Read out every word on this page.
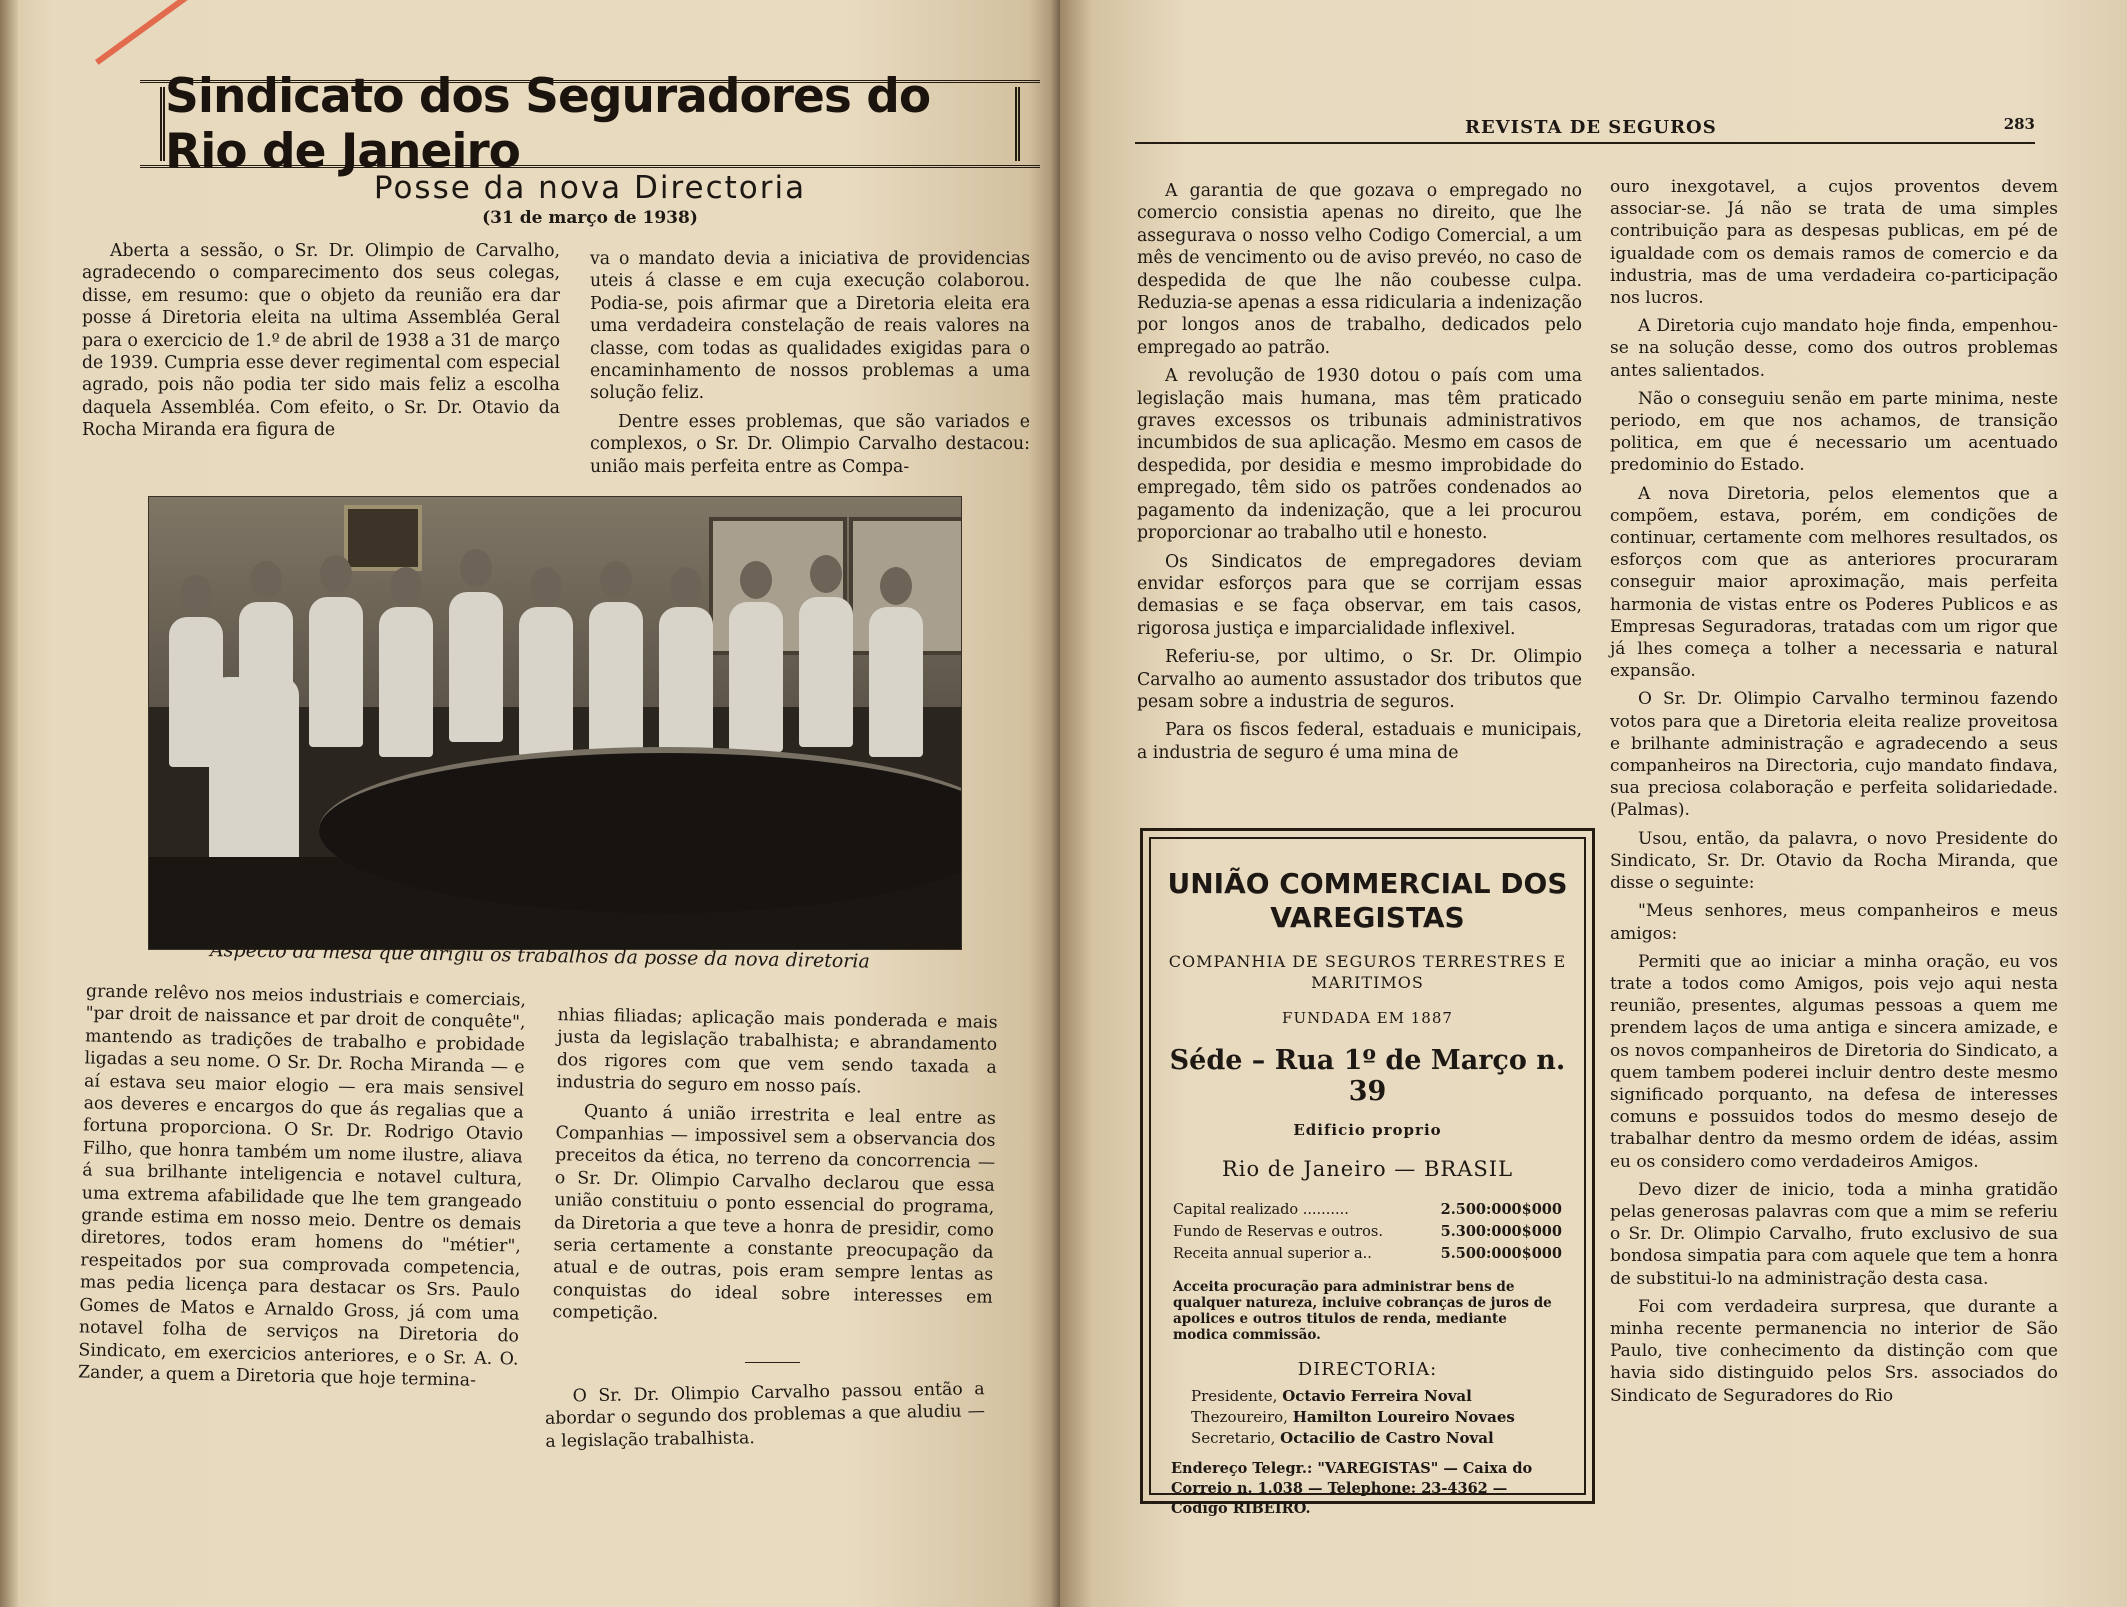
Sindicato dos Seguradores do Rio de Janeiro
Posse da nova Directoria
(31 de março de 1938)

Aberta a sessão, o Sr. Dr. Olimpio de Carvalho, agradecendo o comparecimento dos seus colegas, disse, em resumo: que o objeto da reunião era dar posse á Diretoria eleita na ultima Assembléa Geral para o exercicio de 1.º de abril de 1938 a 31 de março de 1939. Cumpria esse dever regimental com especial agrado, pois não podia ter sido mais feliz a escolha daquela Assembléa. Com efeito, o Sr. Dr. Otavio da Rocha Miranda era figura de

va o mandato devia a iniciativa de providencias uteis á classe e em cuja execução colaborou. Podia-se, pois afirmar que a Diretoria eleita era uma verdadeira constelação de reais valores na classe, com todas as qualidades exigidas para o encaminhamento de nossos problemas a uma solução feliz.

Dentre esses problemas, que são variados e complexos, o Sr. Dr. Olimpio Carvalho destacou: união mais perfeita entre as Compa-

Aspecto da mesa que dirigiu os trabalhos da posse da nova diretoria

grande relêvo nos meios industriais e comerciais, "par droit de naissance et par droit de conquête", mantendo as tradições de trabalho e probidade ligadas a seu nome. O Sr. Dr. Rocha Miranda — e aí estava seu maior elogio — era mais sensivel aos deveres e encargos do que ás regalias que a fortuna proporciona. O Sr. Dr. Rodrigo Otavio Filho, que honra também um nome ilustre, aliava á sua brilhante inteligencia e notavel cultura, uma extrema afabilidade que lhe tem grangeado grande estima em nosso meio. Dentre os demais diretores, todos eram homens do "métier", respeitados por sua comprovada competencia, mas pedia licença para destacar os Srs. Paulo Gomes de Matos e Arnaldo Gross, já com uma notavel folha de serviços na Diretoria do Sindicato, em exercicios anteriores, e o Sr. A. O. Zander, a quem a Diretoria que hoje termina-

nhias filiadas; aplicação mais ponderada e mais justa da legislação trabalhista; e abrandamento dos rigores com que vem sendo taxada a industria do seguro em nosso país.

Quanto á união irrestrita e leal entre as Companhias — impossivel sem a observancia dos preceitos da ética, no terreno da concorrencia — o Sr. Dr. Olimpio Carvalho declarou que essa união constituiu o ponto essencial do programa, da Diretoria a que teve a honra de presidir, como seria certamente a constante preocupação da atual e de outras, pois eram sempre lentas as conquistas do ideal sobre interesses em competição.

O Sr. Dr. Olimpio Carvalho passou então a abordar o segundo dos problemas a que aludiu — a legislação trabalhista.

REVISTA DE SEGUROS	283

A garantia de que gozava o empregado no comercio consistia apenas no direito, que lhe assegurava o nosso velho Codigo Comercial, a um mês de vencimento ou de aviso prevéo, no caso de despedida de que lhe não coubesse culpa. Reduzia-se apenas a essa ridicularia a indenização por longos anos de trabalho, dedicados pelo empregado ao patrão.

A revolução de 1930 dotou o país com uma legislação mais humana, mas têm praticado graves excessos os tribunais administrativos incumbidos de sua aplicação. Mesmo em casos de despedida, por desidia e mesmo improbidade do empregado, têm sido os patrões condenados ao pagamento da indenização, que a lei procurou proporcionar ao trabalho util e honesto.

Os Sindicatos de empregadores deviam envidar esforços para que se corrijam essas demasias e se faça observar, em tais casos, rigorosa justiça e imparcialidade inflexivel.

Referiu-se, por ultimo, o Sr. Dr. Olimpio Carvalho ao aumento assustador dos tributos que pesam sobre a industria de seguros.

Para os fiscos federal, estaduais e municipais, a industria de seguro é uma mina de

ouro inexgotavel, a cujos proventos devem associar-se. Já não se trata de uma simples contribuição para as despesas publicas, em pé de igualdade com os demais ramos de comercio e da industria, mas de uma verdadeira co-participação nos lucros.

A Diretoria cujo mandato hoje finda, empenhou-se na solução desse, como dos outros problemas antes salientados.

Não o conseguiu senão em parte minima, neste periodo, em que nos achamos, de transição politica, em que é necessario um acentuado predominio do Estado.

A nova Diretoria, pelos elementos que a compõem, estava, porém, em condições de continuar, certamente com melhores resultados, os esforços com que as anteriores procuraram conseguir maior aproximação, mais perfeita harmonia de vistas entre os Poderes Publicos e as Empresas Seguradoras, tratadas com um rigor que já lhes começa a tolher a necessaria e natural expansão.

O Sr. Dr. Olimpio Carvalho terminou fazendo votos para que a Diretoria eleita realize proveitosa e brilhante administração e agradecendo a seus companheiros na Directoria, cujo mandato findava, sua preciosa colaboração e perfeita solidariedade. (Palmas).

Usou, então, da palavra, o novo Presidente do Sindicato, Sr. Dr. Otavio da Rocha Miranda, que disse o seguinte:

"Meus senhores, meus companheiros e meus amigos:

Permiti que ao iniciar a minha oração, eu vos trate a todos como Amigos, pois vejo aqui nesta reunião, presentes, algumas pessoas a quem me prendem laços de uma antiga e sincera amizade, e os novos companheiros de Diretoria do Sindicato, a quem tambem poderei incluir dentro deste mesmo significado porquanto, na defesa de interesses comuns e possuidos todos do mesmo desejo de trabalhar dentro da mesmo ordem de idéas, assim eu os considero como verdadeiros Amigos.

Devo dizer de inicio, toda a minha gratidão pelas generosas palavras com que a mim se referiu o Sr. Dr. Olimpio Carvalho, fruto exclusivo de sua bondosa simpatia para com aquele que tem a honra de substitui-lo na administração desta casa.

Foi com verdadeira surpresa, que durante a minha recente permanencia no interior de São Paulo, tive conhecimento da distinção com que havia sido distinguido pelos Srs. associados do Sindicato de Seguradores do Rio

UNIÃO COMMERCIAL DOS VAREGISTAS
COMPANHIA DE SEGUROS TERRESTRES E MARITIMOS
FUNDADA EM 1887
Séde – Rua 1º de Março n. 39
Edificio proprio
Rio de Janeiro — BRASIL
Capital realizado ..........	2.500:000$000
Fundo de Reservas e outros.	5.300:000$000
Receita annual superior a..	5.500:000$000
Acceita procuração para administrar bens de qualquer natureza, incluive cobranças de juros de apolices e outros titulos de renda, mediante modica commissão.
DIRECTORIA:
Presidente, Octavio Ferreira Noval
Thezoureiro, Hamilton Loureiro Novaes
Secretario, Octacilio de Castro Noval
Endereço Telegr.: "VAREGISTAS" — Caixa do Correio n. 1.038 — Telephone: 23-4362 — Codigo RIBEIRO.
